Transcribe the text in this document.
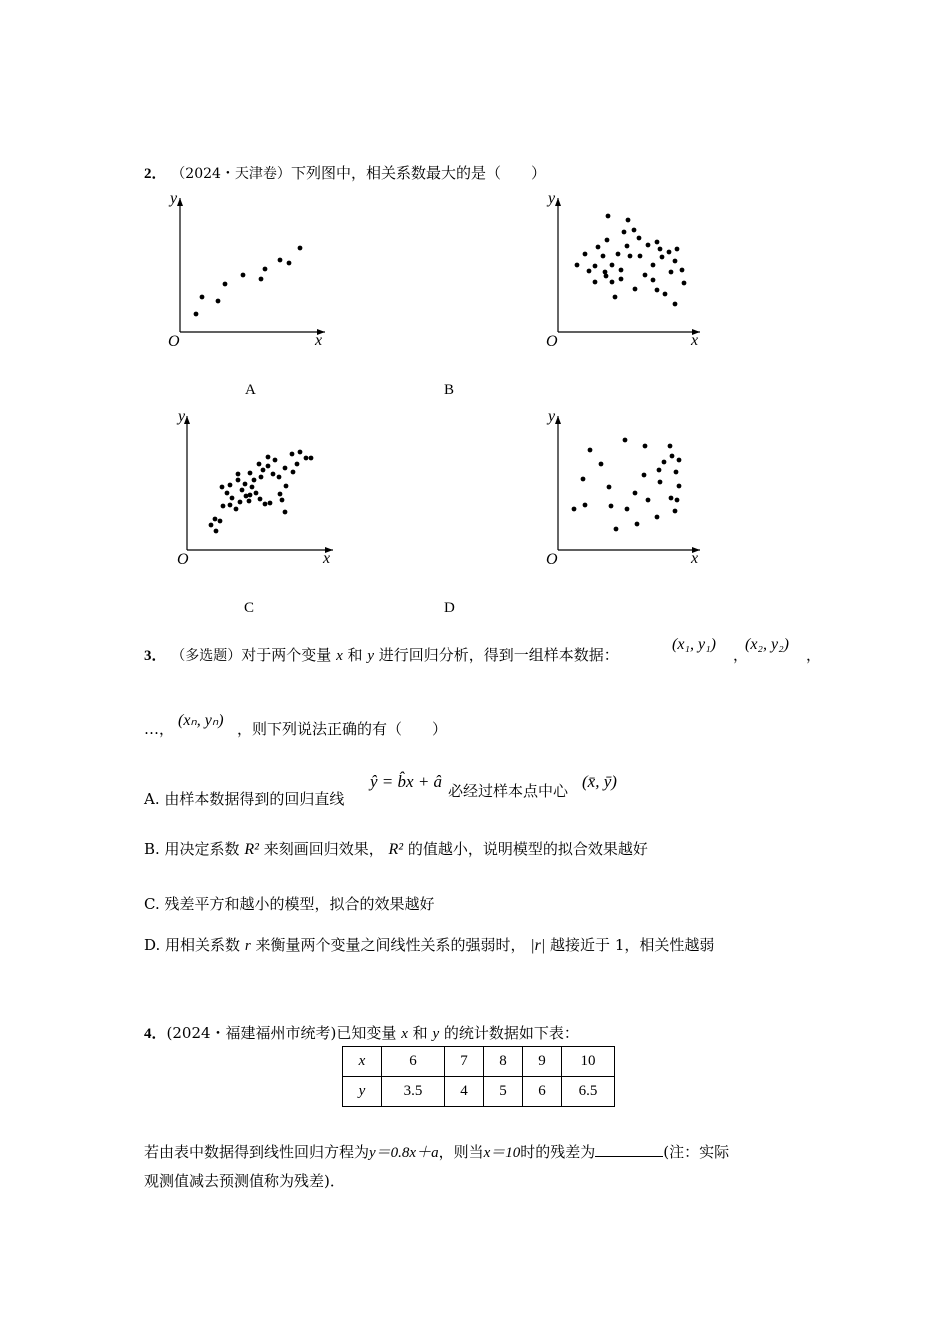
2． （2024・天津卷）下列图中，相关系数最大的是（　　）
y
x
O
A
y
x
O
B
y
x
O
C
y
x
O
D
3． （多选题）对于两个变量 x 和 y 进行回归分析，得到一组样本数据：
(x₁, y₁)
，
(x₂, y₂)
，
…， (xₙ, yₙ) ，则下列说法正确的有（　　）
A. 由样本数据得到的回归直线
ŷ = b̂x + â 必经过样本点中心 (x̄, ȳ)
B. 用决定系数 R² 来刻画回归效果， R² 的值越小，说明模型的拟合效果越好
C. 残差平方和越小的模型，拟合的效果越好
D. 用相关系数 r 来衡量两个变量之间线性关系的强弱时， |r| 越接近于 1，相关性越弱
4．(2024・福建福州市统考)已知变量 x 和 y 的统计数据如下表：
x	6	7	8	9	10
y	3.5	4	5	6	6.5
若由表中数据得到线性回归方程为y＝0.8x＋a，则当x＝10时的残差为	(注：实际
观测值减去预测值称为残差)．
